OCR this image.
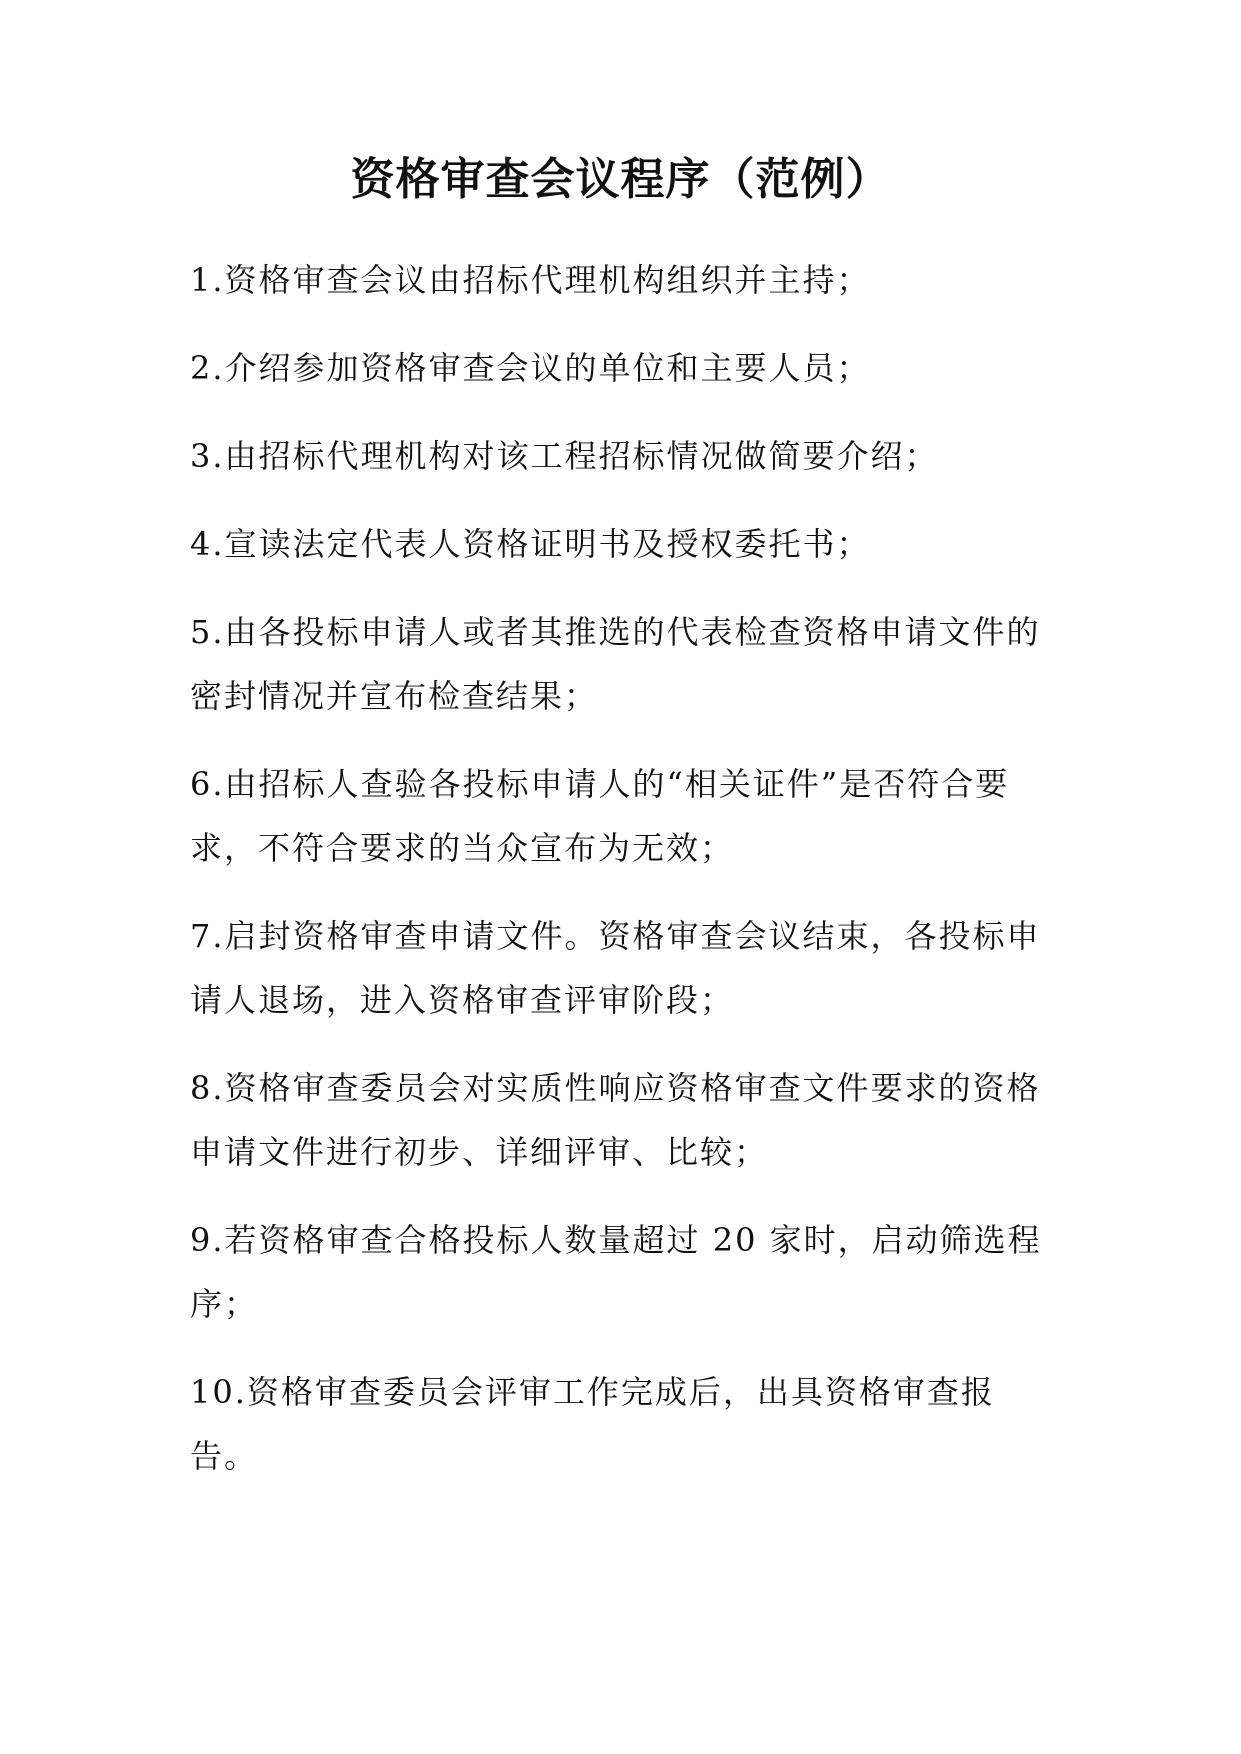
资格审查会议程序（范例）
1.资格审查会议由招标代理机构组织并主持；
2.介绍参加资格审查会议的单位和主要人员；
3.由招标代理机构对该工程招标情况做简要介绍；
4.宣读法定代表人资格证明书及授权委托书；
5.由各投标申请人或者其推选的代表检查资格申请文件的密封情况并宣布检查结果；
6.由招标人查验各投标申请人的“相关证件”是否符合要求，不符合要求的当众宣布为无效；
7.启封资格审查申请文件。资格审查会议结束，各投标申请人退场，进入资格审查评审阶段；
8.资格审查委员会对实质性响应资格审查文件要求的资格申请文件进行初步、详细评审、比较；
9.若资格审查合格投标人数量超过 20 家时，启动筛选程序；
10.资格审查委员会评审工作完成后，出具资格审查报告。
